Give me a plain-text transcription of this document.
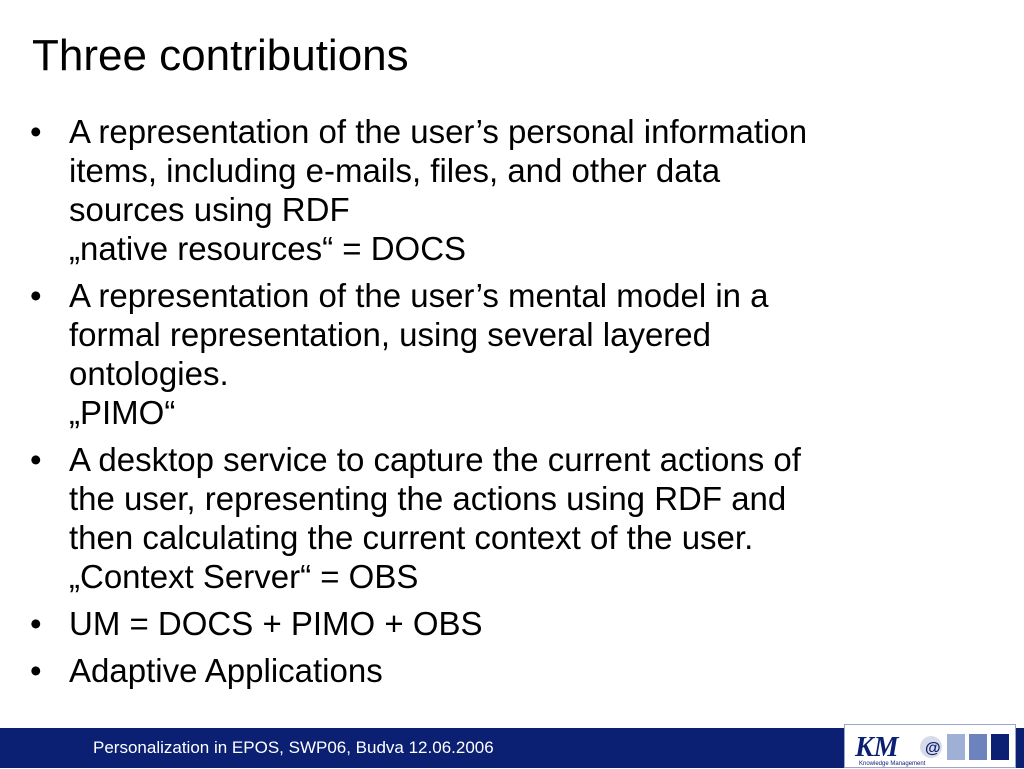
Three contributions
• A representation of the user’s personal information
items, including e-mails, files, and other data
sources using RDF
„native resources“ = DOCS
• A representation of the user’s mental model in a
formal representation, using several layered
ontologies.
„PIMO“
• A desktop service to capture the current actions of
the user, representing the actions using RDF and
then calculating the current context of the user.
„Context Server“ = OBS
• UM = DOCS + PIMO + OBS
• Adaptive Applications
Personalization in EPOS, SWP06, Budva 12.06.2006	KM
Knowledge Management
@
